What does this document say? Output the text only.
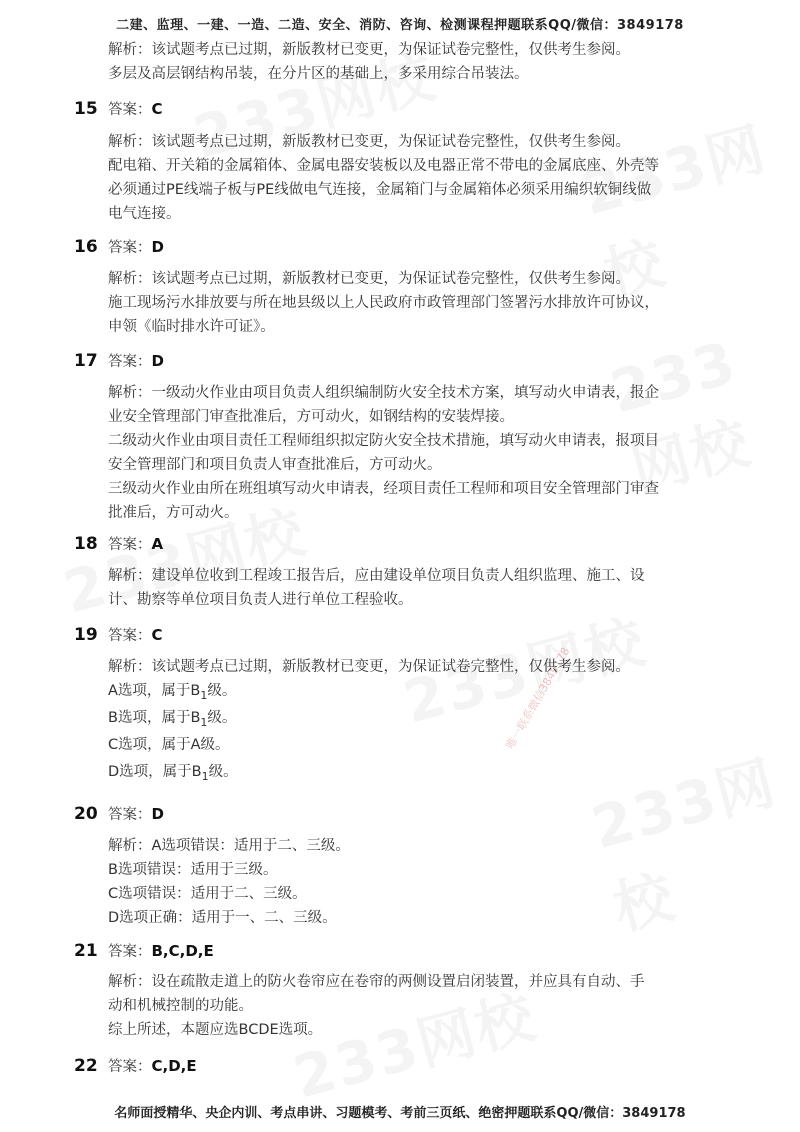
二建、监理、一建、一造、二造、安全、消防、咨询、检测课程押题联系QQ/微信：3849178
唯一联系微信3849178
解析：该试题考点已过期，新版教材已变更，为保证试卷完整性，仅供考生参阅。
多层及高层钢结构吊装，在分片区的基础上，多采用综合吊装法。
15 答案：C
解析：该试题考点已过期，新版教材已变更，为保证试卷完整性，仅供考生参阅。
配电箱、开关箱的金属箱体、金属电器安装板以及电器正常不带电的金属底座、外壳等
必须通过PE线端子板与PE线做电气连接，金属箱门与金属箱体必须采用编织软铜线做
电气连接。
16 答案：D
解析：该试题考点已过期，新版教材已变更，为保证试卷完整性，仅供考生参阅。
施工现场污水排放要与所在地县级以上人民政府市政管理部门签署污水排放许可协议，
申领《临时排水许可证》。
17 答案：D
解析：一级动火作业由项目负责人组织编制防火安全技术方案，填写动火申请表，报企
业安全管理部门审查批准后，方可动火，如钢结构的安装焊接。
二级动火作业由项目责任工程师组织拟定防火安全技术措施，填写动火申请表，报项目
安全管理部门和项目负责人审查批准后，方可动火。
三级动火作业由所在班组填写动火申请表，经项目责任工程师和项目安全管理部门审查
批准后，方可动火。
18 答案：A
解析：建设单位收到工程竣工报告后，应由建设单位项目负责人组织监理、施工、设
计、勘察等单位项目负责人进行单位工程验收。
19 答案：C
解析：该试题考点已过期，新版教材已变更，为保证试卷完整性，仅供考生参阅。
A选项，属于$B_1$级。
B选项，属于$B_1$级。
C选项，属于A级。
D选项，属于$B_1$级。
20 答案：D
解析：A选项错误：适用于二、三级。
B选项错误：适用于三级。
C选项错误：适用于二、三级。
D选项正确：适用于一、二、三级。
21 答案：B,C,D,E
解析：设在疏散走道上的防火卷帘应在卷帘的两侧设置启闭装置，并应具有自动、手
动和机械控制的功能。
综上所述，本题应选BCDE选项。
22 答案：C,D,E
名师面授精华、央企内训、考点串讲、习题模考、考前三页纸、绝密押题联系QQ/微信：3849178
